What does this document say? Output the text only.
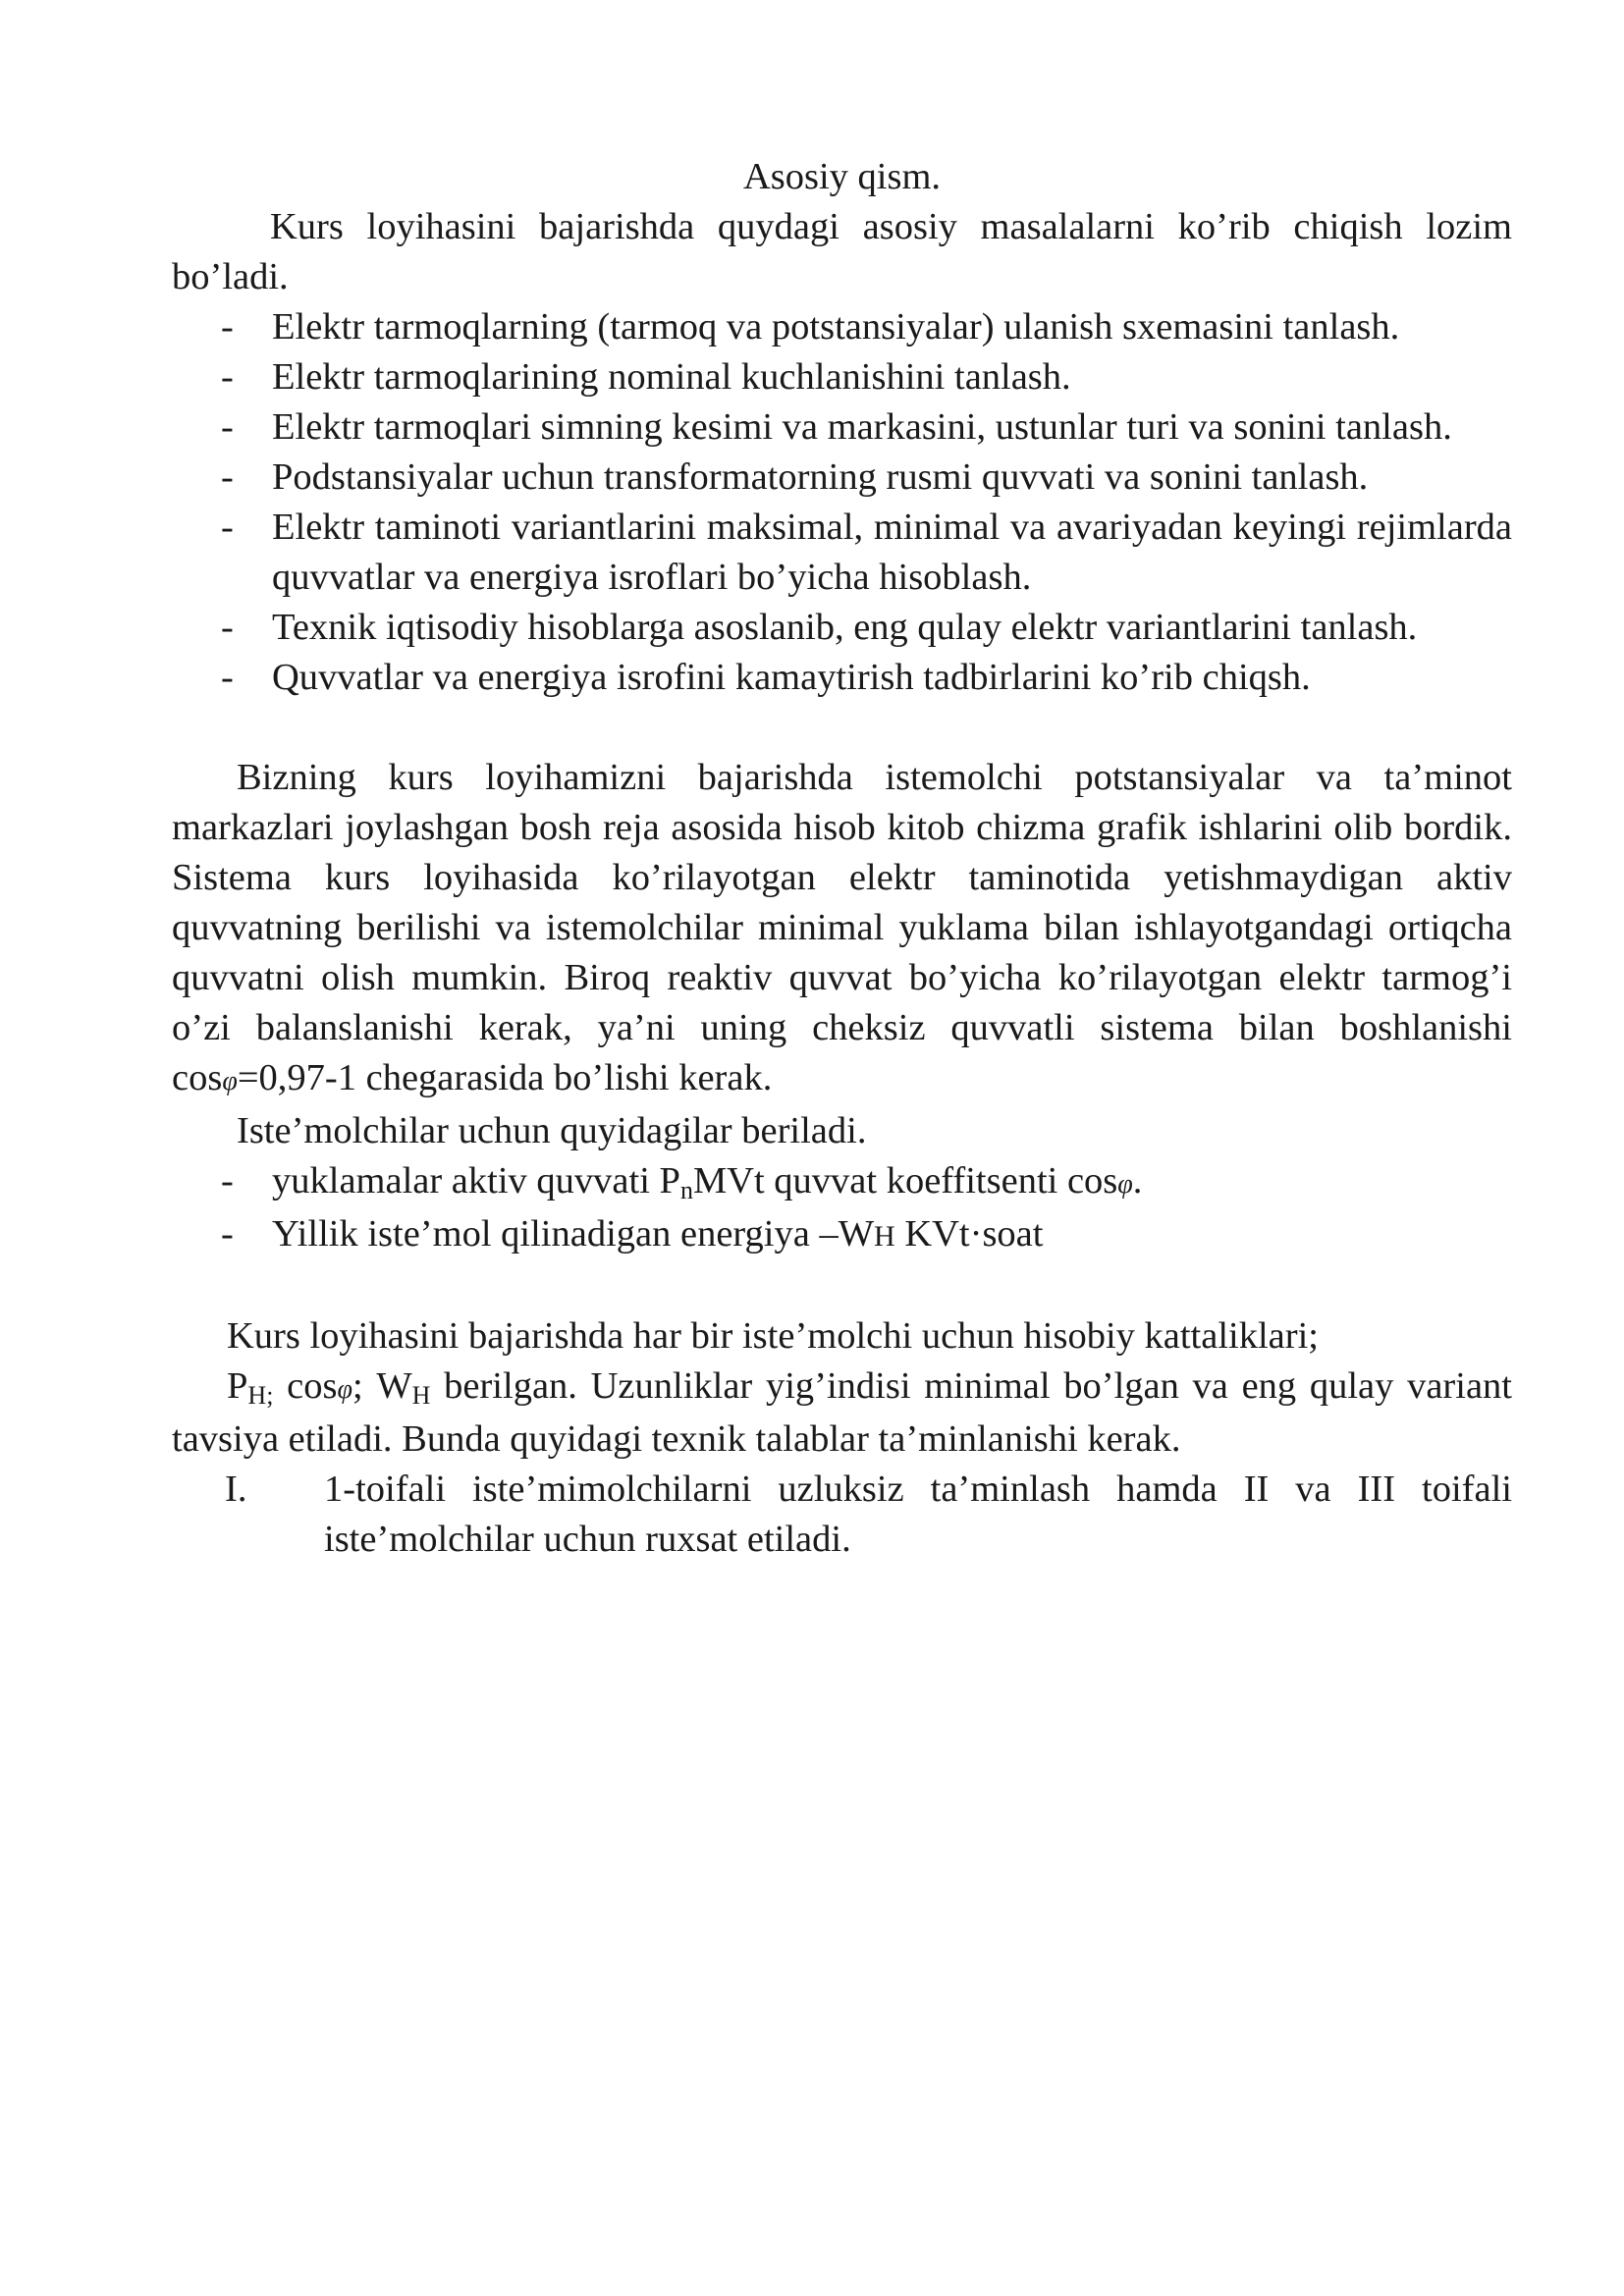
Asosiy qism.

Kurs loyihasini bajarishda quydagi asosiy masalalarni ko’rib chiqish lozim bo’ladi.

- Elektr tarmoqlarning (tarmoq va potstansiyalar) ulanish sxemasini tanlash.
- Elektr tarmoqlarining nominal kuchlanishini tanlash.
- Elektr tarmoqlari simning kesimi va markasini, ustunlar turi va sonini tanlash.
- Podstansiyalar uchun transformatorning rusmi quvvati va sonini tanlash.
- Elektr taminoti variantlarini maksimal, minimal va avariyadan keyingi rejimlarda quvvatlar va energiya isroflari bo’yicha hisoblash.
- Texnik iqtisodiy hisoblarga asoslanib, eng qulay elektr variantlarini tanlash.
- Quvvatlar va energiya isrofini kamaytirish tadbirlarini ko’rib chiqsh.

Bizning kurs loyihamizni bajarishda istemolchi potstansiyalar va ta’minot markazlari joylashgan bosh reja asosida hisob kitob chizma grafik ishlarini olib bordik. Sistema kurs loyihasida ko’rilayotgan elektr taminotida yetishmaydigan aktiv quvvatning berilishi va istemolchilar minimal yuklama bilan ishlayotgandagi ortiqcha quvvatni olish mumkin. Biroq reaktiv quvvat bo’yicha ko’rilayotgan elektr tarmog’i o’zi balanslanishi kerak, ya’ni uning cheksiz quvvatli sistema bilan boshlanishi cosφ=0,97-1 chegarasida bo’lishi kerak.

Iste’molchilar uchun quyidagilar beriladi.

- yuklamalar aktiv quvvati $P_nMVt$ quvvat koeffitsenti cosφ.
- Yillik iste’mol qilinadigan energiya –WH KVt·soat

Kurs loyihasini bajarishda har bir iste’molchi uchun hisobiy kattaliklari;

$P_{H;}$ cosφ; $W_H$ berilgan. Uzunliklar yig’indisi minimal bo’lgan va eng qulay variant tavsiya etiladi. Bunda quyidagi texnik talablar ta’minlanishi kerak.

I. 1-toifali iste’mimolchilarni uzluksiz ta’minlash hamda II va III toifali iste’molchilar uchun ruxsat etiladi.
